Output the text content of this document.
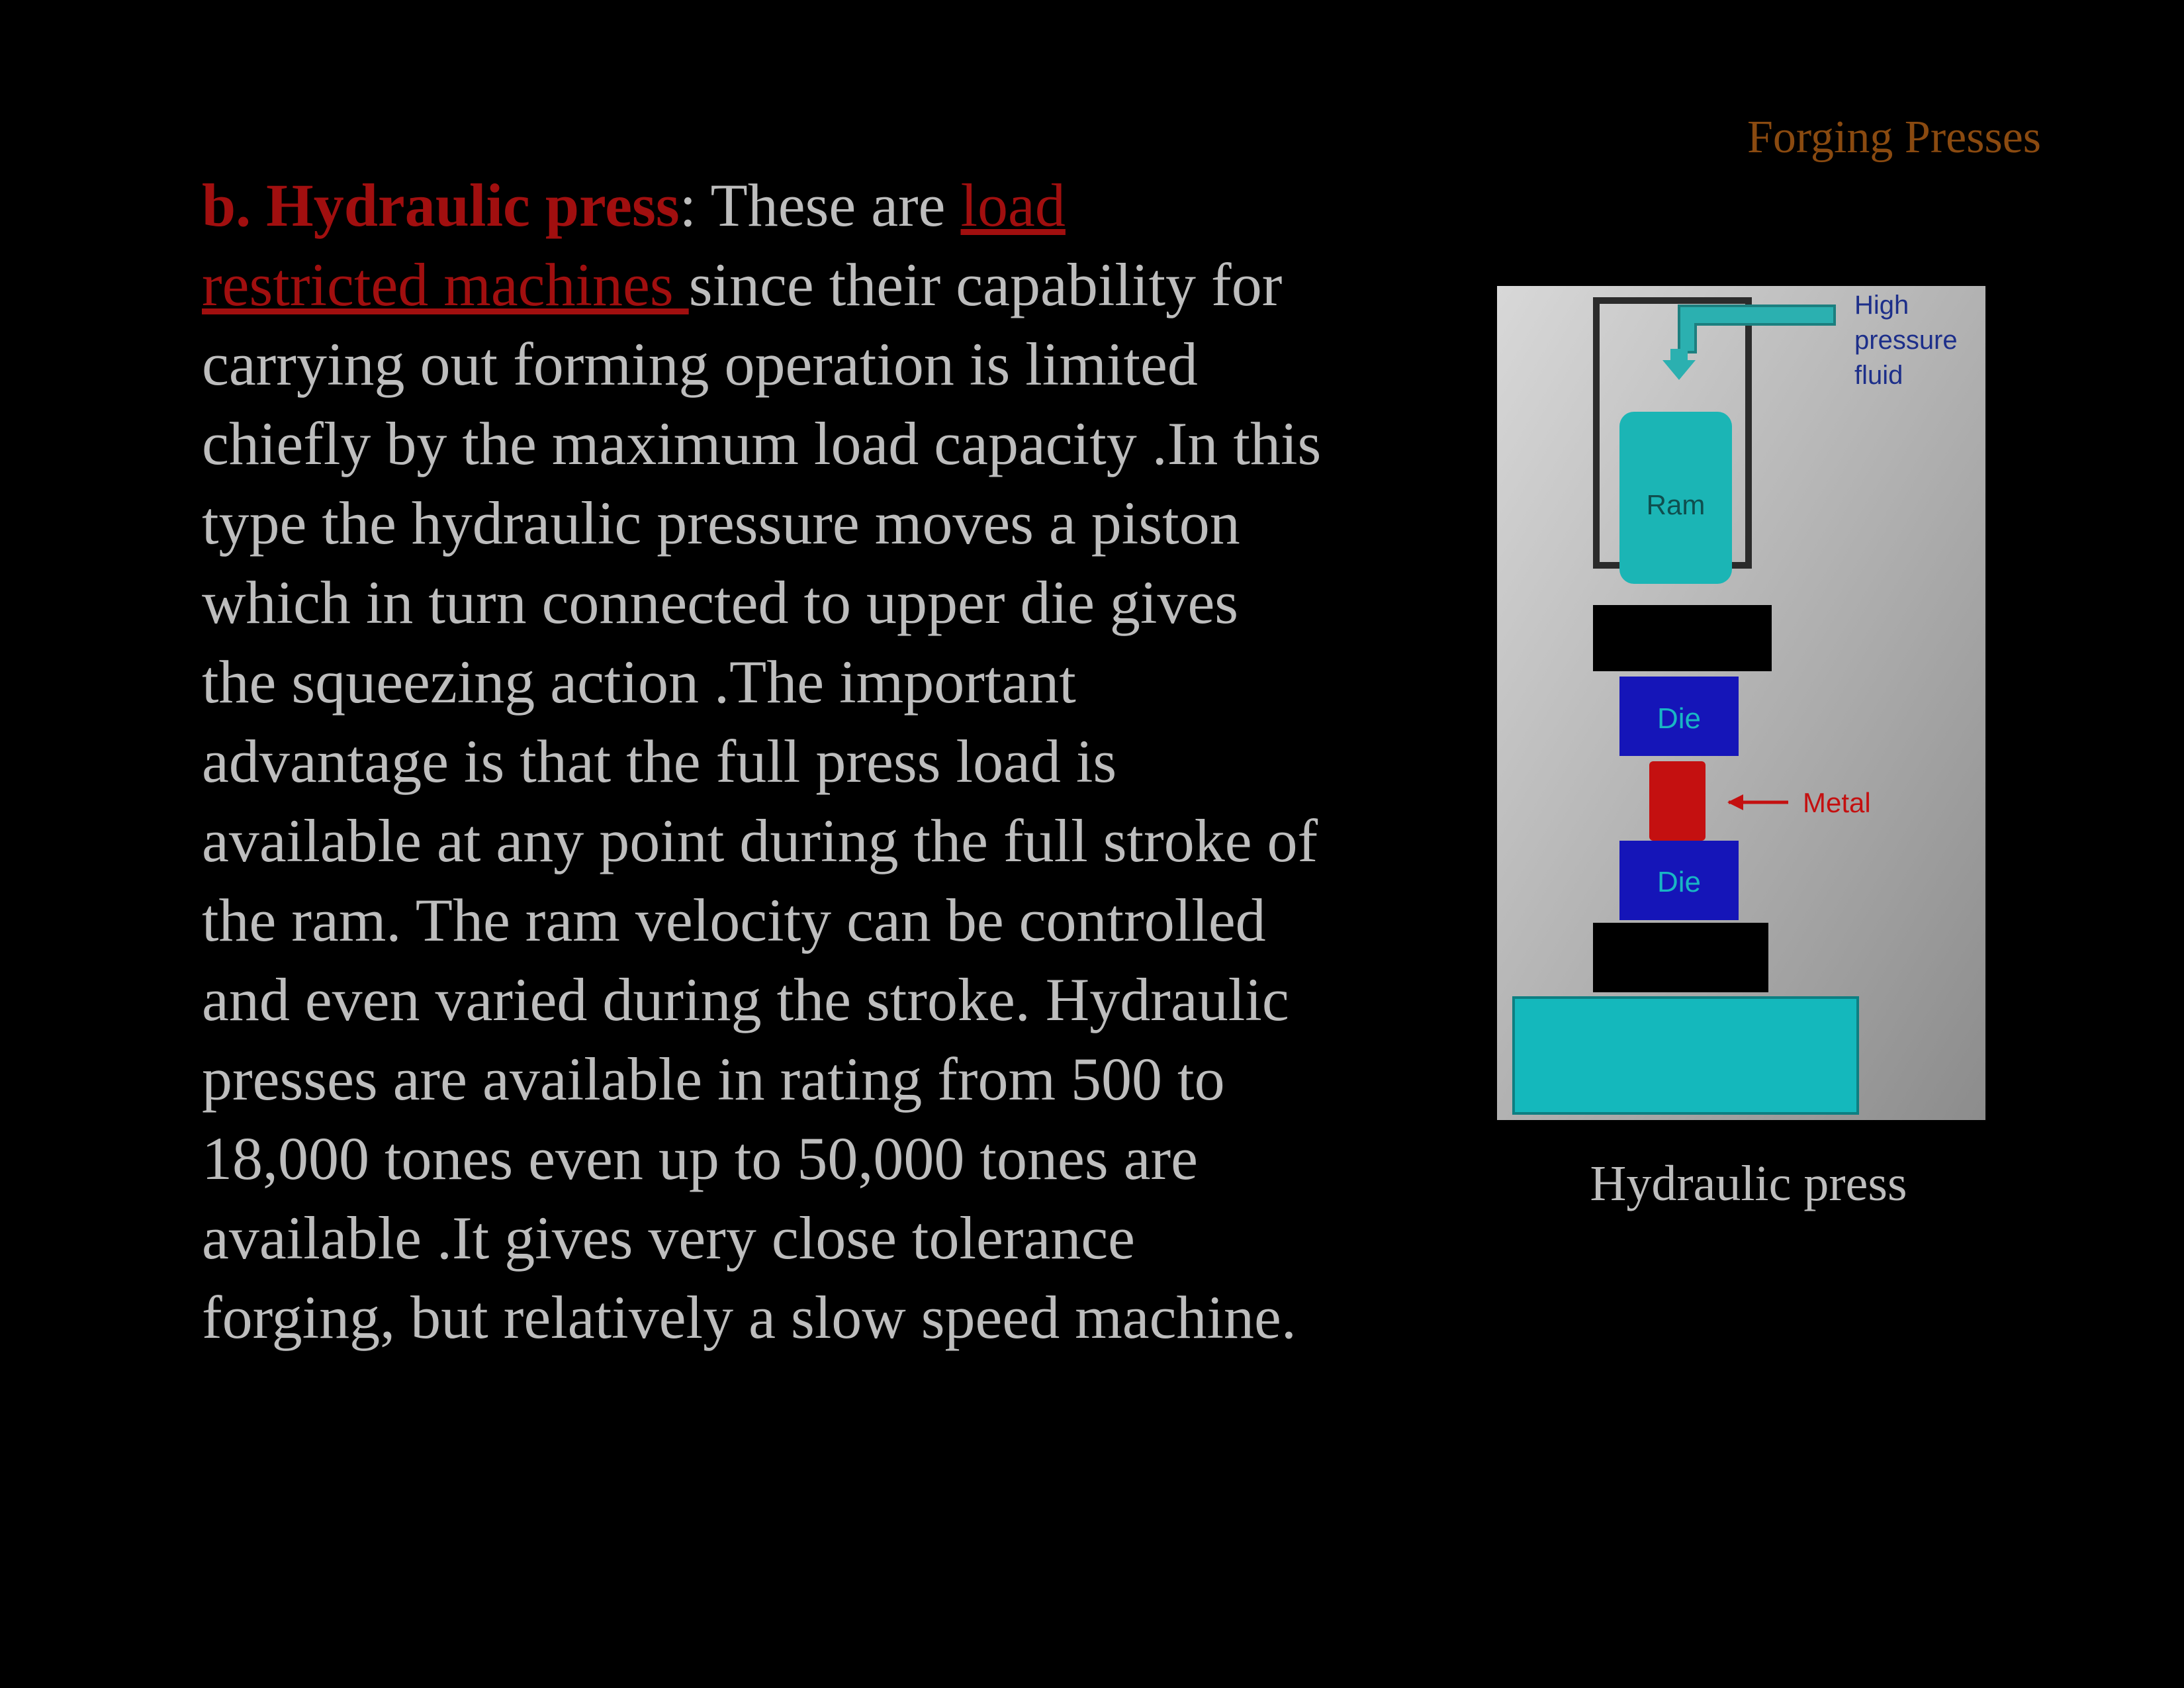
Forging Presses
b. Hydraulic press: These are load
restricted machines since their capability for
carrying out forming operation is limited
chiefly by the maximum load capacity .In this
type the hydraulic pressure moves a piston
which in turn connected to upper die gives
the squeezing action .The important
advantage is that the full press load is
available at any point during the full stroke of
the ram. The ram velocity can be controlled
and even varied during the stroke. Hydraulic
presses are available in rating from 500 to
18,000 tones even up to 50,000 tones are
available .It gives very close tolerance
forging, but relatively a slow speed machine.
Ram
Die
Metal
Die
High
pressure
fluid
Hydraulic press
